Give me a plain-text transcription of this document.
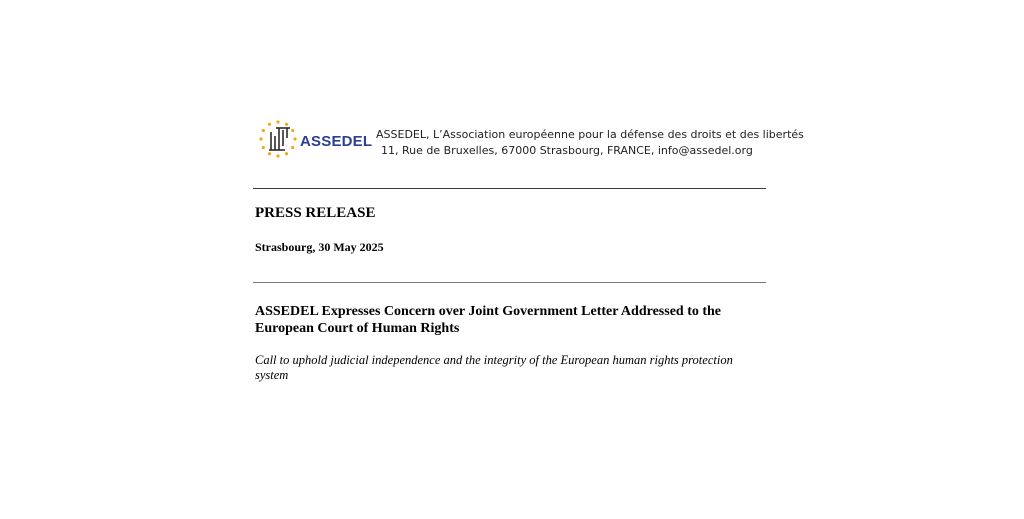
ASSEDEL ASSEDEL, L’Association européenne pour la défense des droits et des libertés
11, Rue de Bruxelles, 67000 Strasbourg, FRANCE, info@assedel.org
PRESS RELEASE
Strasbourg, 30 May 2025
ASSEDEL Expresses Concern over Joint Government Letter Addressed to the European Court of Human Rights
Call to uphold judicial independence and the integrity of the European human rights protection system
